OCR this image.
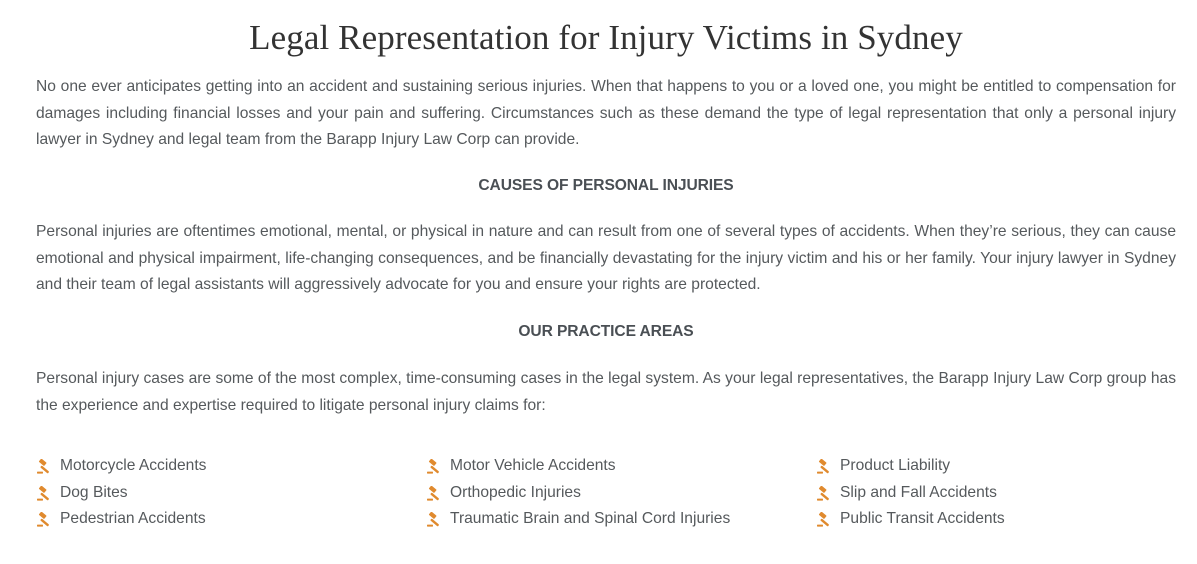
Legal Representation for Injury Victims in Sydney

No one ever anticipates getting into an accident and sustaining serious injuries. When that happens to you or a loved one, you might be entitled to compensation for damages including financial losses and your pain and suffering. Circumstances such as these demand the type of legal representation that only a personal injury lawyer in Sydney and legal team from the Barapp Injury Law Corp can provide.

CAUSES OF PERSONAL INJURIES

Personal injuries are oftentimes emotional, mental, or physical in nature and can result from one of several types of accidents. When they’re serious, they can cause emotional and physical impairment, life-changing consequences, and be financially devastating for the injury victim and his or her family. Your injury lawyer in Sydney and their team of legal assistants will aggressively advocate for you and ensure your rights are protected.

OUR PRACTICE AREAS

Personal injury cases are some of the most complex, time-consuming cases in the legal system. As your legal representatives, the Barapp Injury Law Corp group has the experience and expertise required to litigate personal injury claims for:

Motorcycle Accidents
Dog Bites
Pedestrian Accidents
Motor Vehicle Accidents
Orthopedic Injuries
Traumatic Brain and Spinal Cord Injuries
Product Liability
Slip and Fall Accidents
Public Transit Accidents
